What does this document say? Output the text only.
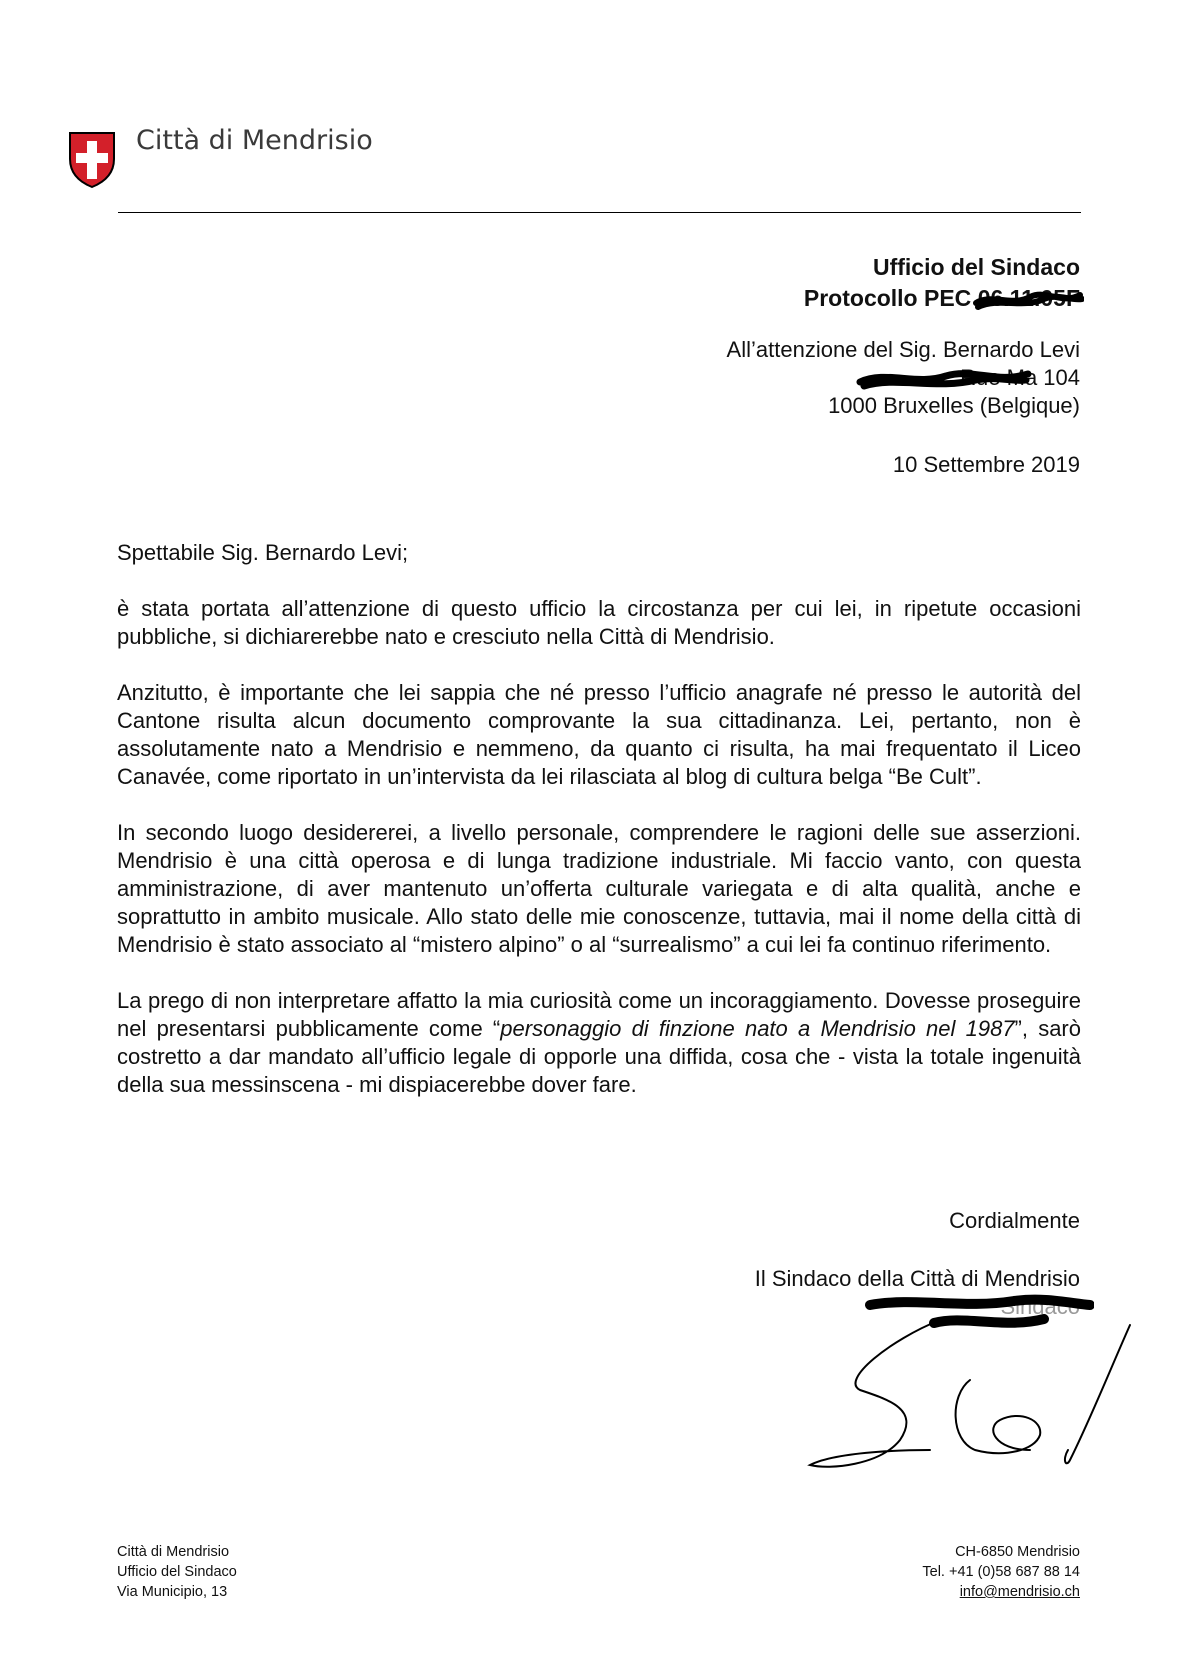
Città di Mendrisio
Ufficio del Sindaco
Protocollo PEC 06.11.05F
All’attenzione del Sig. Bernardo Levi
Rue Ma 104
1000 Bruxelles (Belgique)
10 Settembre 2019
Spettabile Sig. Bernardo Levi;

è stata portata all’attenzione di questo ufficio la circostanza per cui lei, in ripetute occasioni pubbliche, si dichiarerebbe nato e cresciuto nella Città di Mendrisio.

Anzitutto, è importante che lei sappia che né presso l’ufficio anagrafe né presso le autorità del Cantone risulta alcun documento comprovante la sua cittadinanza. Lei, pertanto, non è assolutamente nato a Mendrisio e nemmeno, da quanto ci risulta, ha mai frequentato il Liceo Canavée, come riportato in un’intervista da lei rilasciata al blog di cultura belga “Be Cult”.

In secondo luogo desidererei, a livello personale, comprendere le ragioni delle sue asserzioni. Mendrisio è una città operosa e di lunga tradizione industriale. Mi faccio vanto, con questa amministrazione, di aver mantenuto un’offerta culturale variegata e di alta qualità, anche e soprattutto in ambito musicale. Allo stato delle mie conoscenze, tuttavia, mai il nome della città di Mendrisio è stato associato al “mistero alpino” o al “surrealismo” a cui lei fa continuo riferimento.

La prego di non interpretare affatto la mia curiosità come un incoraggiamento. Dovesse proseguire nel presentarsi pubblicamente come “personaggio di finzione nato a Mendrisio nel 1987”, sarò costretto a dar mandato all’ufficio legale di opporle una diffida, cosa che - vista la totale ingenuità della sua messinscena - mi dispiacerebbe dover fare.

Cordialmente
Il Sindaco della Città di Mendrisio
Sindaco
Città di Mendrisio
Ufficio del Sindaco
Via Municipio, 13
CH-6850 Mendrisio
Tel. +41 (0)58 687 88 14
info@mendrisio.ch
